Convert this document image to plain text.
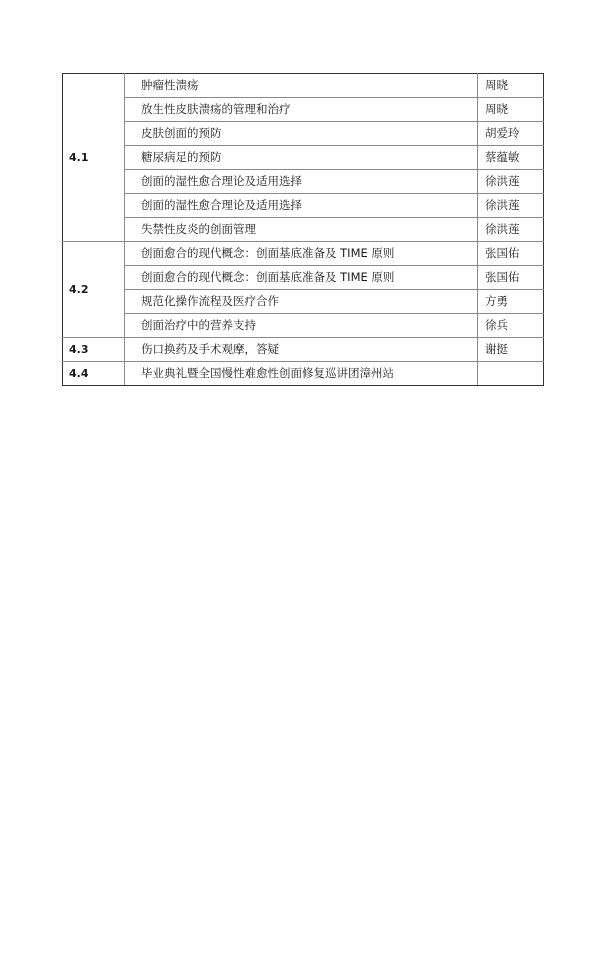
4.1	肿瘤性溃疡	周晓
	放生性皮肤溃疡的管理和治疗	周晓
	皮肤创面的预防	胡爱玲
	糖尿病足的预防	蔡蕴敏
	创面的湿性愈合理论及适用选择	徐洪莲
	创面的湿性愈合理论及适用选择	徐洪莲
	失禁性皮炎的创面管理	徐洪莲
4.2	创面愈合的现代概念：创面基底准备及 TIME 原则	张国佑
	创面愈合的现代概念：创面基底准备及 TIME 原则	张国佑
	规范化操作流程及医疗合作	方勇
	创面治疗中的营养支持	徐兵
4.3	伤口换药及手术观摩，答疑	谢挺
4.4	毕业典礼暨全国慢性难愈性创面修复巡讲团漳州站	
